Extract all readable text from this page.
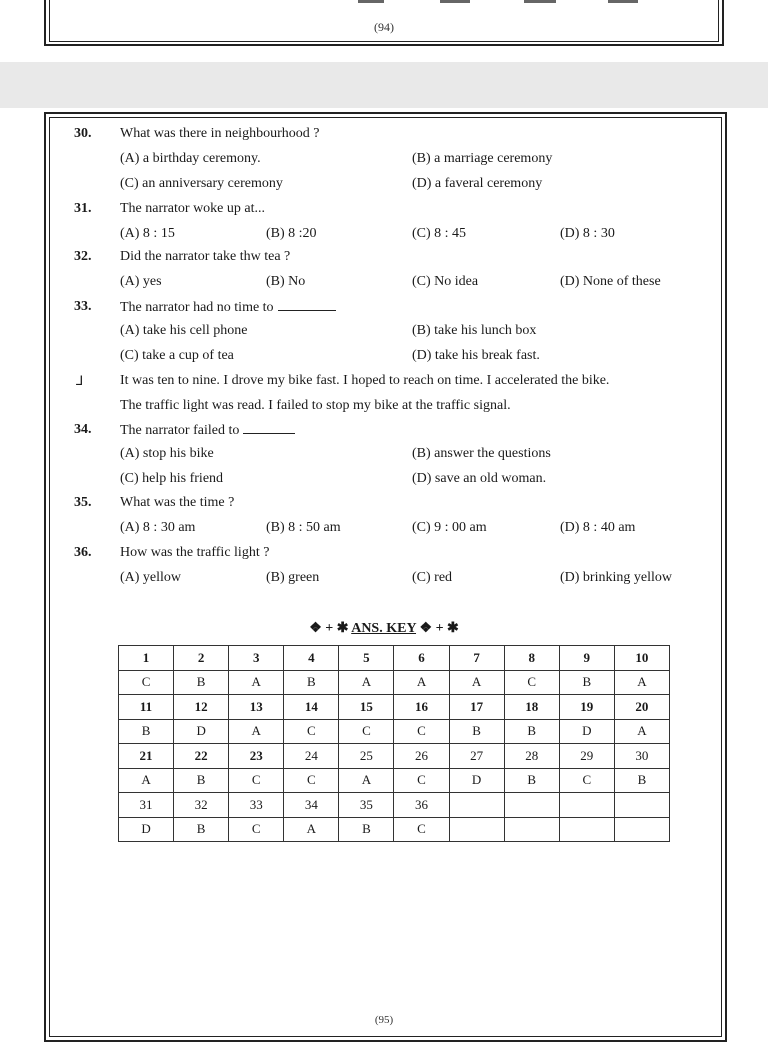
(94)
30. What was there in neighbourhood ?
(A) a birthday ceremony.	(B) a marriage ceremony
(C) an anniversary ceremony	(D) a faveral ceremony
31. The narrator woke up at...
(A) 8 : 15	(B) 8 :20	(C) 8 : 45	(D) 8 : 30
32. Did the narrator take thw tea ?
(A) yes	(B) No	(C) No idea	(D) None of these
33. The narrator had no time to
(A) take his cell phone	(B) take his lunch box
(C) take a cup of tea	(D) take his break fast.
⅃	It was ten to nine. I drove my bike fast. I hoped to reach on time. I accelerated the bike.
The traffic light was read. I failed to stop my bike at the traffic signal.
34. The narrator failed to
(A) stop his bike	(B) answer the questions
(C) help his friend	(D) save an old woman.
35. What was the time ?
(A) 8 : 30 am	(B) 8 : 50 am	(C) 9 : 00 am	(D) 8 : 40 am
36. How was the traffic light ?
(A) yellow	(B) green	(C) red	(D) brinking yellow
❖ + ✱ ANS. KEY ❖ + ✱
1	2	3	4	5	6	7	8	9	10
C	B	A	B	A	A	A	C	B	A
11	12	13	14	15	16	17	18	19	20
B	D	A	C	C	C	B	B	D	A
21	22	23	24	25	26	27	28	29	30
A	B	C	C	A	C	D	B	C	B
31	32	33	34	35	36				
D	B	C	A	B	C				
(95)
